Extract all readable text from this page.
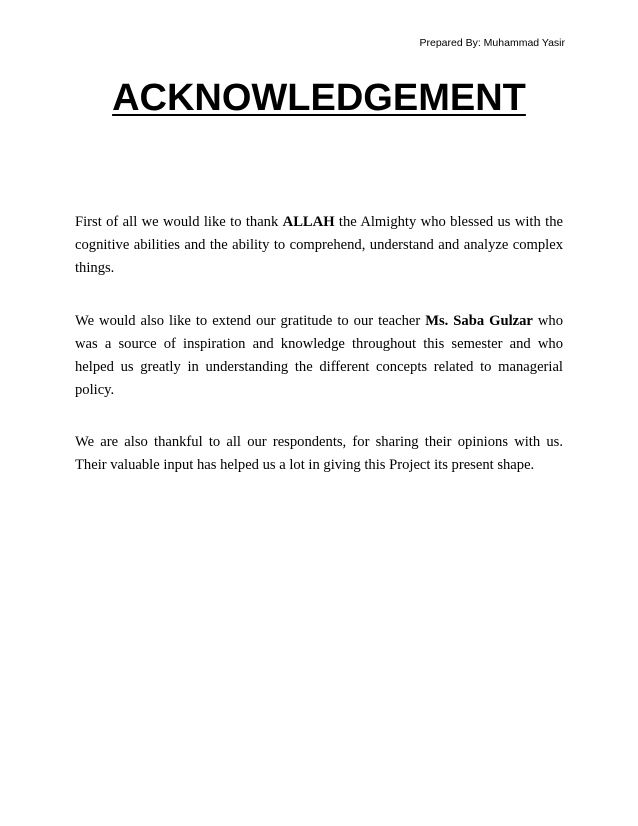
Prepared By: Muhammad Yasir
ACKNOWLEDGEMENT

First of all we would like to thank ALLAH the Almighty who blessed us with the cognitive abilities and the ability to comprehend, understand and analyze complex things.

We would also like to extend our gratitude to our teacher Ms. Saba Gulzar who was a source of inspiration and knowledge throughout this semester and who helped us greatly in understanding the different concepts related to managerial policy.

We are also thankful to all our respondents, for sharing their opinions with us. Their valuable input has helped us a lot in giving this Project its present shape.
